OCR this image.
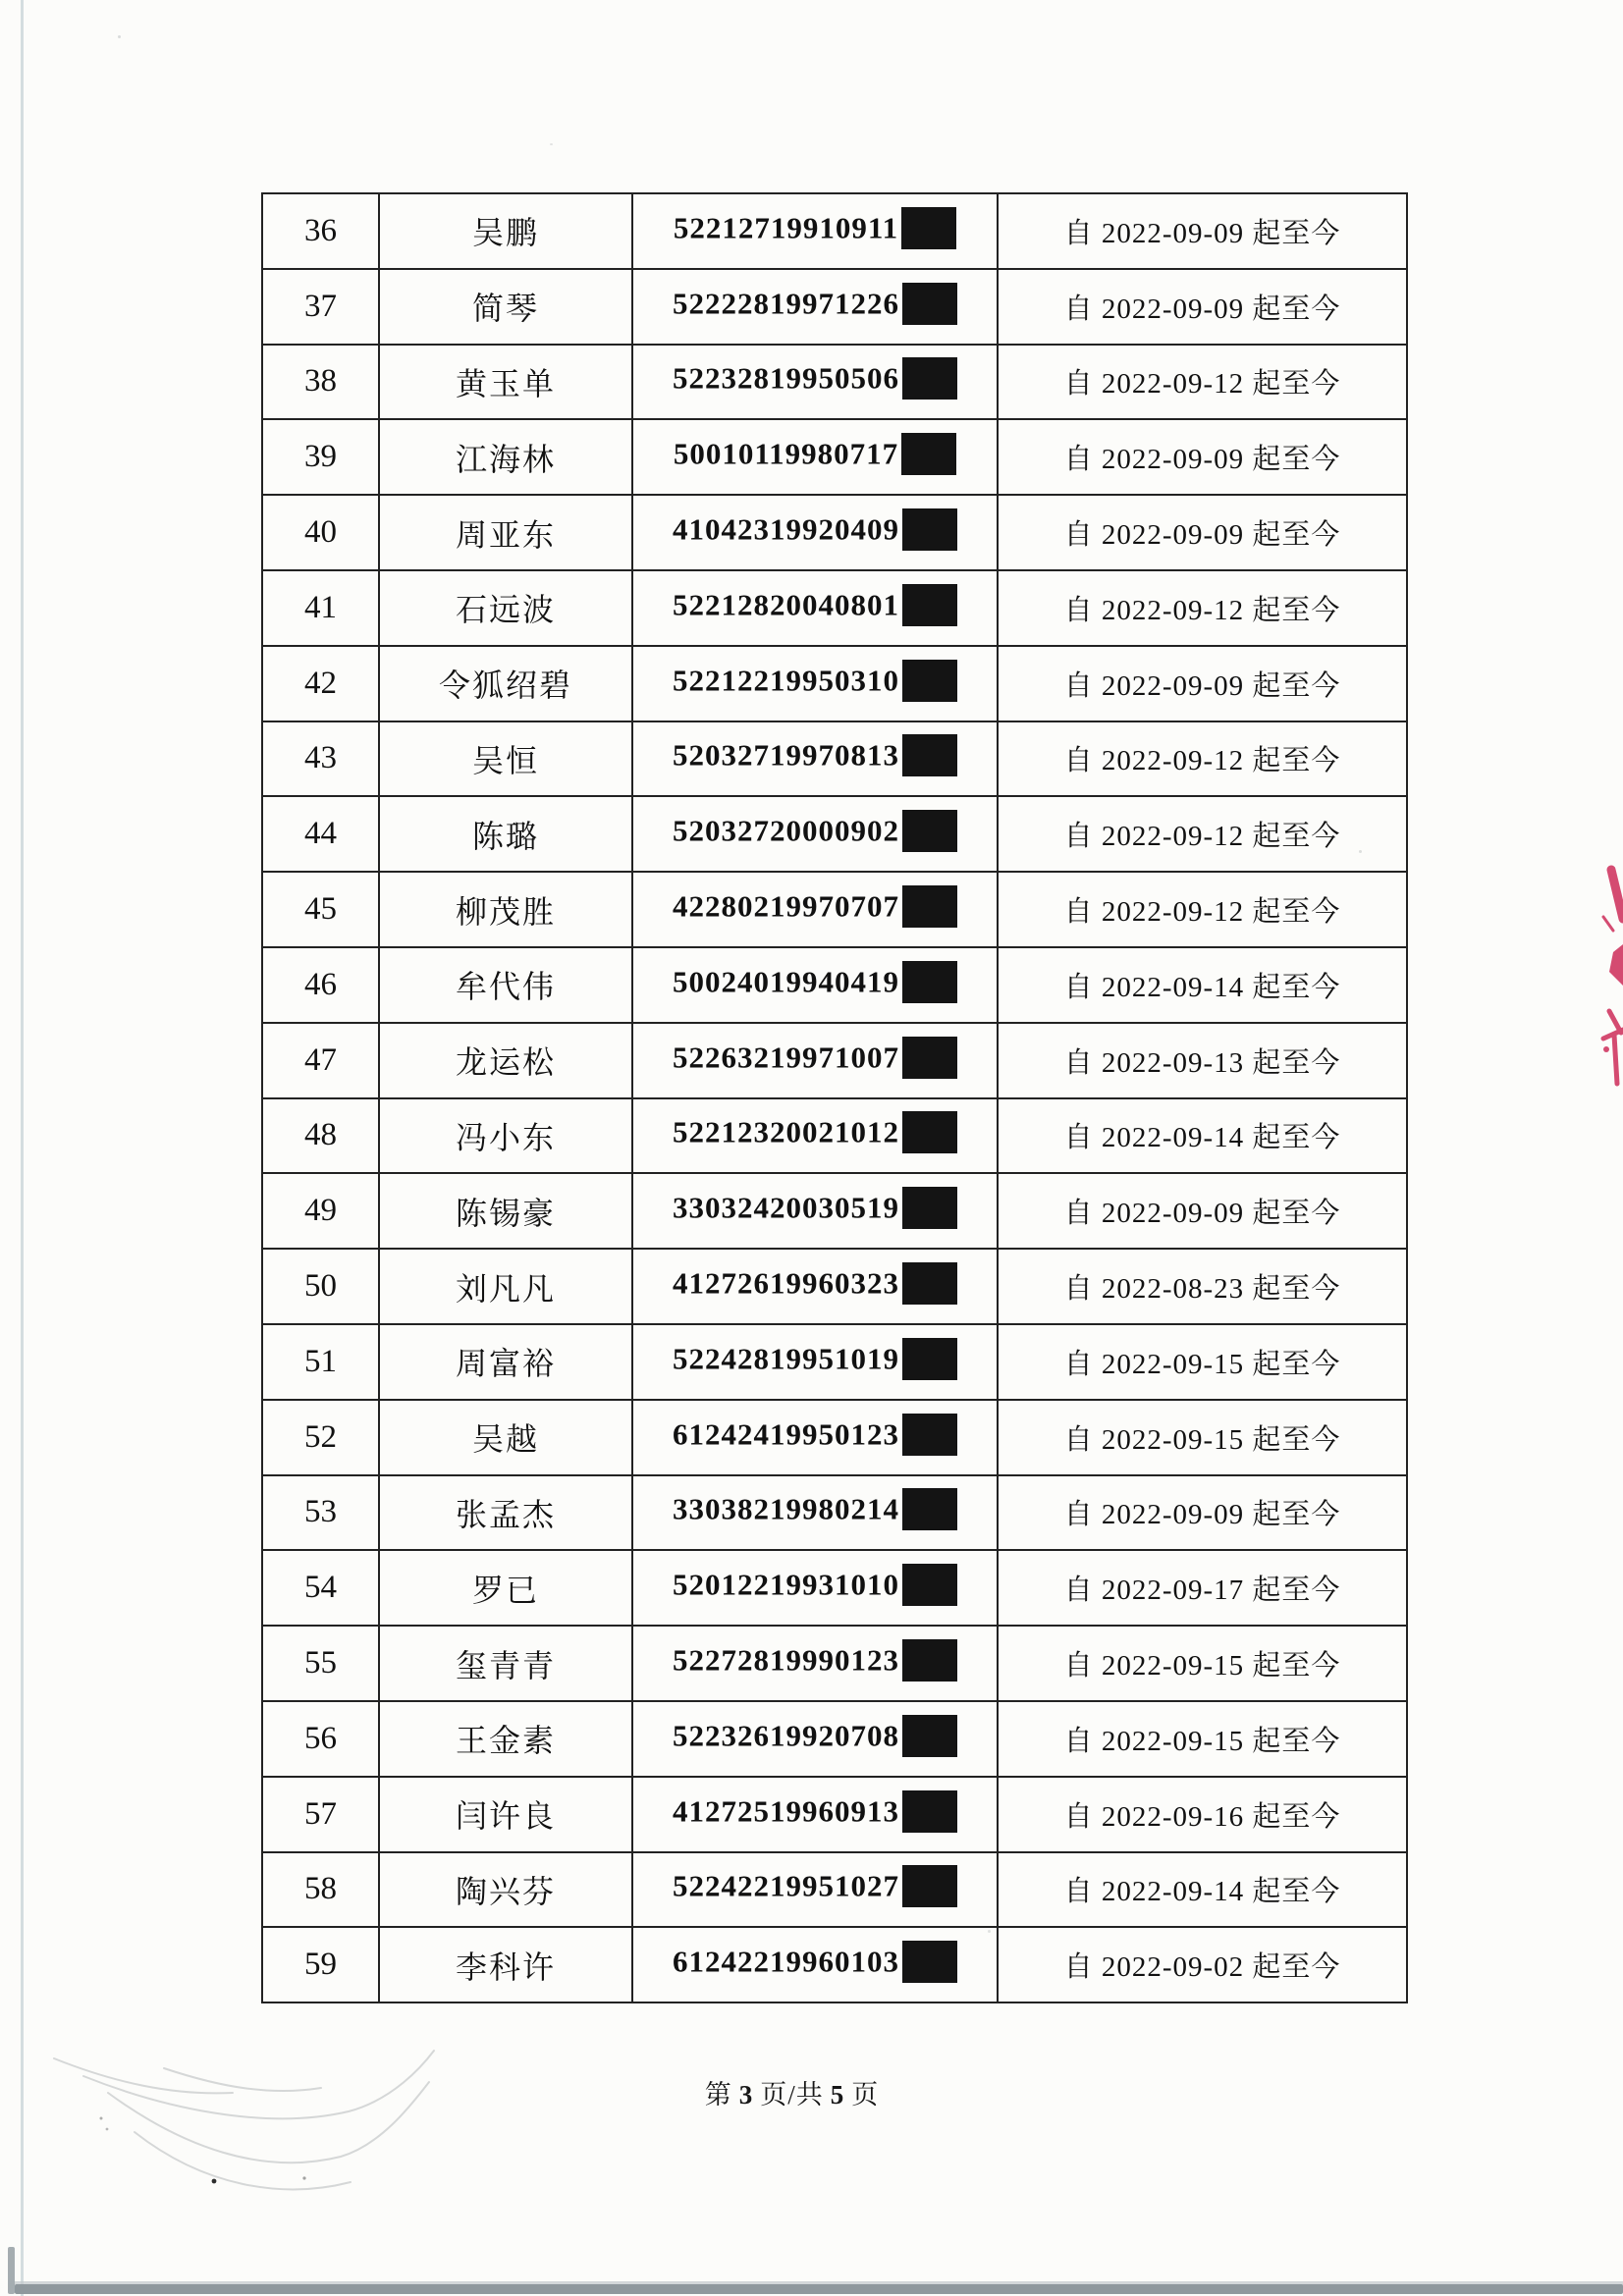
36	吴鹏	52212719910911	自 2022-09-09 起至今
37	简琴	52222819971226	自 2022-09-09 起至今
38	黄玉单	52232819950506	自 2022-09-12 起至今
39	江海林	50010119980717	自 2022-09-09 起至今
40	周亚东	41042319920409	自 2022-09-09 起至今
41	石远波	52212820040801	自 2022-09-12 起至今
42	令狐绍碧	52212219950310	自 2022-09-09 起至今
43	吴恒	52032719970813	自 2022-09-12 起至今
44	陈璐	52032720000902	自 2022-09-12 起至今
45	柳茂胜	42280219970707	自 2022-09-12 起至今
46	牟代伟	50024019940419	自 2022-09-14 起至今
47	龙运松	52263219971007	自 2022-09-13 起至今
48	冯小东	52212320021012	自 2022-09-14 起至今
49	陈锡豪	33032420030519	自 2022-09-09 起至今
50	刘凡凡	41272619960323	自 2022-08-23 起至今
51	周富裕	52242819951019	自 2022-09-15 起至今
52	吴越	61242419950123	自 2022-09-15 起至今
53	张孟杰	33038219980214	自 2022-09-09 起至今
54	罗已	52012219931010	自 2022-09-17 起至今
55	玺青青	52272819990123	自 2022-09-15 起至今
56	王金素	52232619920708	自 2022-09-15 起至今
57	闫许良	41272519960913	自 2022-09-16 起至今
58	陶兴芬	52242219951027	自 2022-09-14 起至今
59	李科许	61242219960103	自 2022-09-02 起至今
第 3 页/共 5 页
